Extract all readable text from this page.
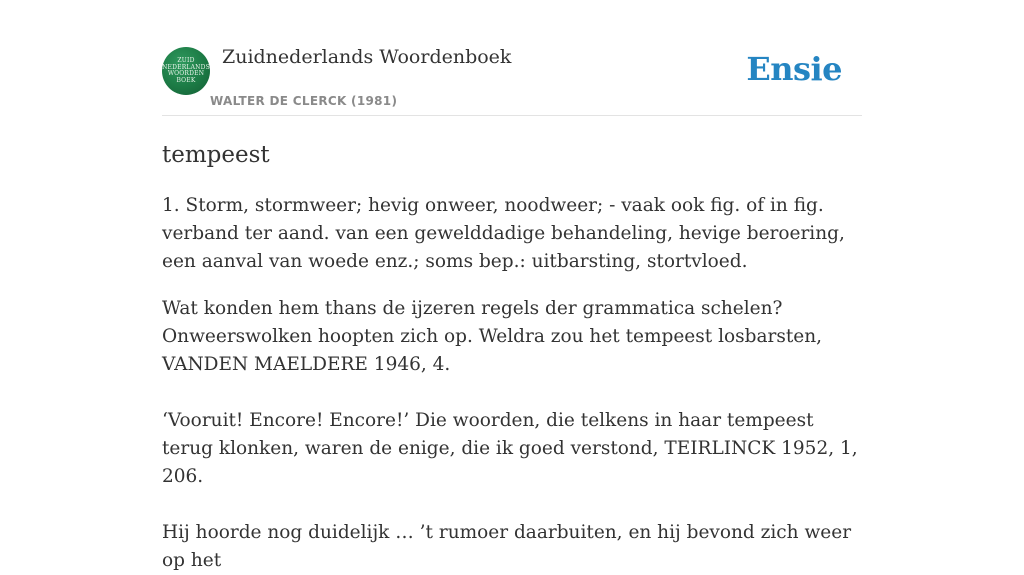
ZUID
NEDERLANDS
WOORDEN
BOEK
Zuidnederlands Woordenboek
WALTER DE CLERCK (1981)
Ensie
tempeest

1. Storm, stormweer; hevig onweer, noodweer; - vaak ook fig. of in fig. verband ter aand. van een gewelddadige behandeling, hevige beroering, een aanval van woede enz.; soms bep.: uitbarsting, stortvloed.

Wat konden hem thans de ijzeren regels der grammatica schelen? Onweerswolken hoopten zich op. Weldra zou het tempeest losbarsten, VANDEN MAELDERE 1946, 4.

‘Vooruit! Encore! Encore!’ Die woorden, die telkens in haar tempeest terug klonken, waren de enige, die ik goed verstond, TEIRLINCK 1952, 1, 206.

Hij hoorde nog duidelijk … ’t rumoer daarbuiten, en hij bevond zich weer op het
